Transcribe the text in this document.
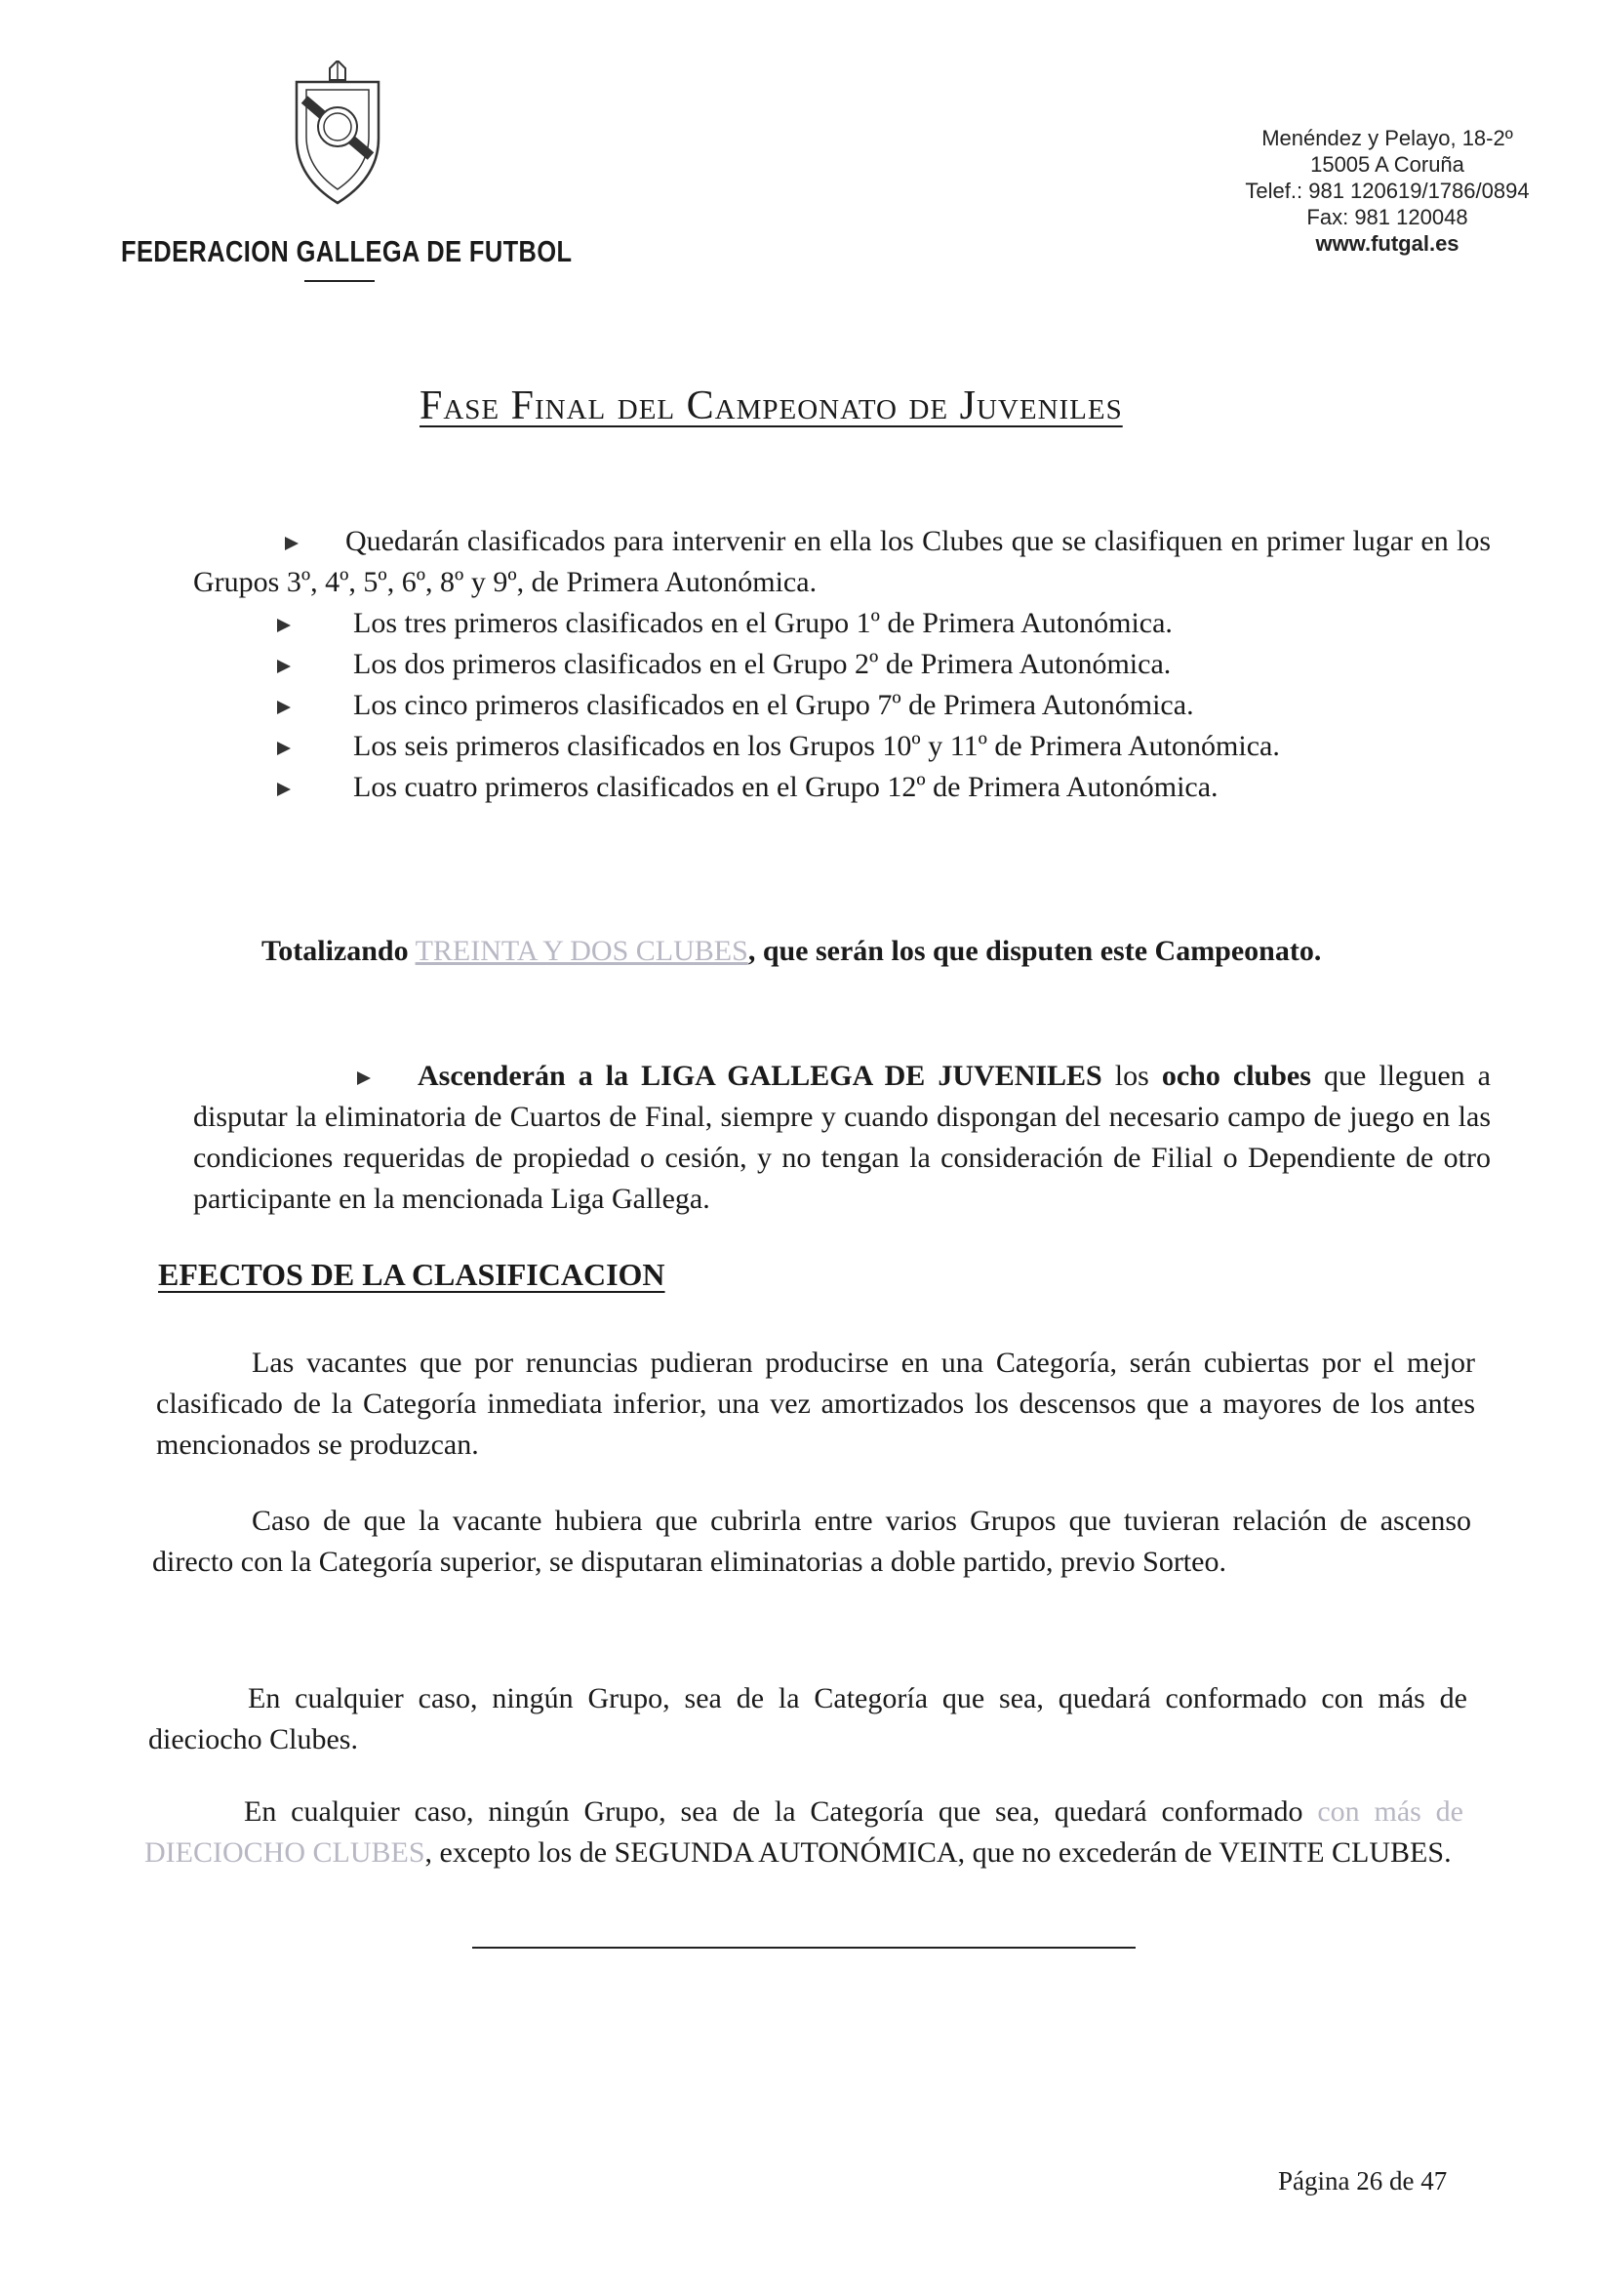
FEDERACION GALLEGA DE FUTBOL
Menéndez y Pelayo, 18-2º
15005 A Coruña
Telef.: 981 120619/1786/0894
Fax: 981 120048
www.futgal.es
Fase Final del Campeonato de Juveniles
Quedarán clasificados para intervenir en ella los Clubes que se clasifiquen en primer lugar en los Grupos 3º, 4º, 5º, 6º, 8º y 9º, de Primera Autonómica.
Los tres primeros clasificados en el Grupo 1º de Primera Autonómica.
Los dos primeros clasificados en el Grupo 2º de Primera Autonómica.
Los cinco primeros clasificados en el Grupo 7º de Primera Autonómica.
Los seis primeros clasificados en los Grupos 10º y 11º de Primera Autonómica.
Los cuatro primeros clasificados en el Grupo 12º de Primera Autonómica.
Totalizando TREINTA Y DOS CLUBES, que serán los que disputen este Campeonato.
Ascenderán a la LIGA GALLEGA DE JUVENILES los ocho clubes que lleguen a disputar la eliminatoria de Cuartos de Final, siempre y cuando dispongan del necesario campo de juego en las condiciones requeridas de propiedad o cesión, y no tengan la consideración de Filial o Dependiente de otro participante en la mencionada Liga Gallega.
EFECTOS DE LA CLASIFICACION
Las vacantes que por renuncias pudieran producirse en una Categoría, serán cubiertas por el mejor clasificado de la Categoría inmediata inferior, una vez amortizados los descensos que a mayores de los antes mencionados se produzcan.
Caso de que la vacante hubiera que cubrirla entre varios Grupos que tuvieran relación de ascenso directo con la Categoría superior, se disputaran eliminatorias a doble partido, previo Sorteo.
En cualquier caso, ningún Grupo, sea de la Categoría que sea, quedará conformado con más de dieciocho Clubes.
En cualquier caso, ningún Grupo, sea de la Categoría que sea, quedará conformado con más de DIECIOCHO CLUBES, excepto los de SEGUNDA AUTONÓMICA, que no excederán de VEINTE CLUBES.
Página 26 de 47
